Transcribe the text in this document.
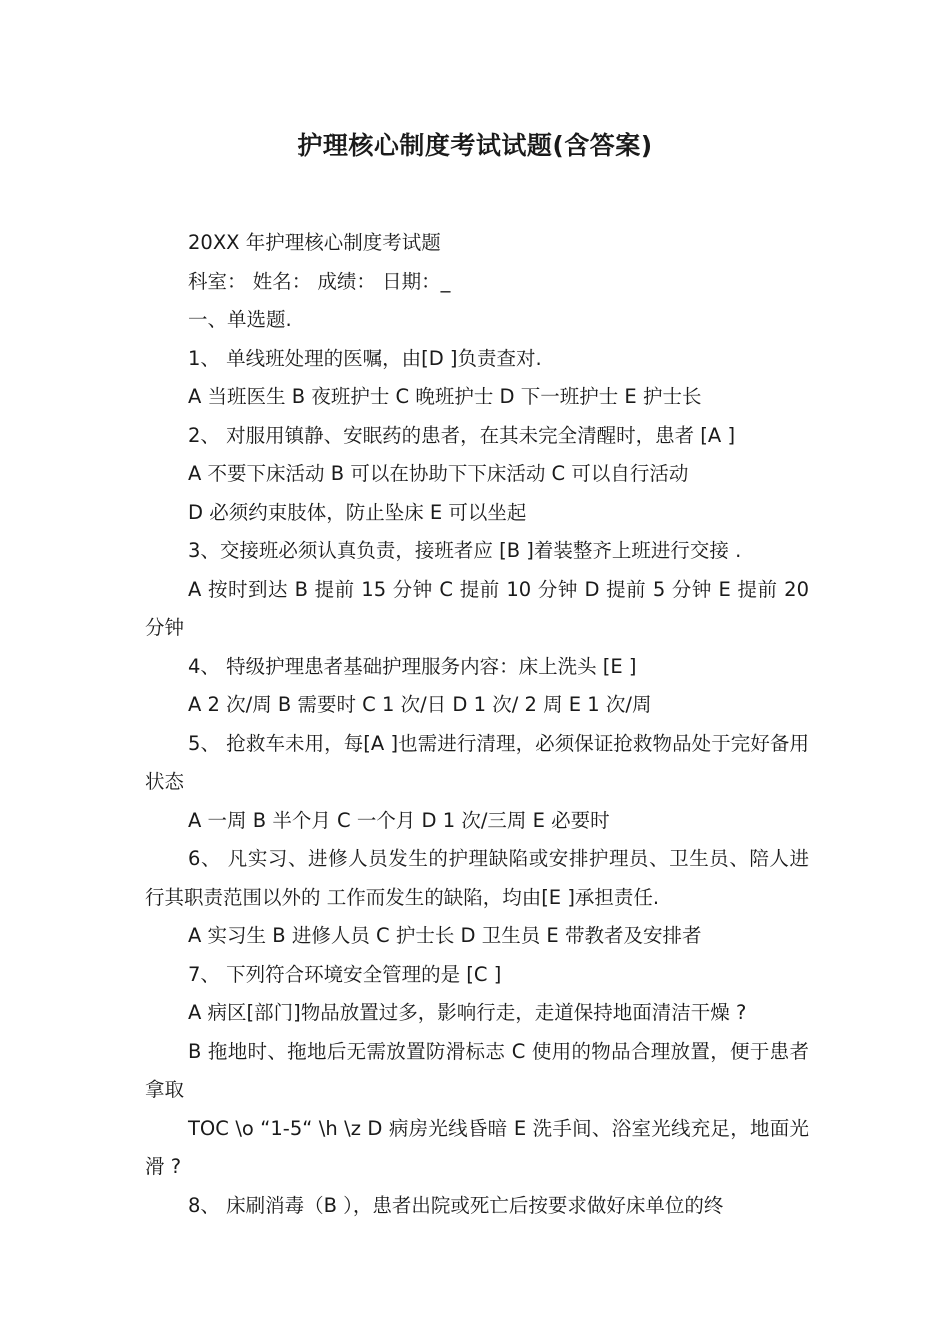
护理核心制度考试试题(含答案)

20XX 年护理核心制度考试题

科室： 姓名： 成绩： 日期：_

一、单选题.

1、 单线班处理的医嘱，由[D ]负责查对.

A 当班医生 B 夜班护士 C 晚班护士 D 下一班护士 E 护士长

2、 对服用镇静、安眠药的患者，在其未完全清醒时，患者 [A ]

A 不要下床活动 B 可以在协助下下床活动 C 可以自行活动

D 必须约束肢体，防止坠床 E 可以坐起

3、交接班必须认真负责，接班者应 [B ]着装整齐上班进行交接 .

A 按时到达 B 提前 15 分钟 C 提前 10 分钟 D 提前 5 分钟 E 提前 20 分钟

4、 特级护理患者基础护理服务内容：床上洗头 [E ]

A 2 次/周 B 需要时 C 1 次/日 D 1 次/ 2 周 E 1 次/周

5、 抢救车未用，每[A ]也需进行清理，必须保证抢救物品处于完好备用状态

A 一周 B 半个月 C 一个月 D 1 次/三周 E 必要时

6、 凡实习、进修人员发生的护理缺陷或安排护理员、卫生员、陪人进行其职责范围以外的 工作而发生的缺陷，均由[E ]承担责任.

A 实习生 B 进修人员 C 护士长 D 卫生员 E 带教者及安排者

7、 下列符合环境安全管理的是 [C ]

A 病区[部门]物品放置过多，影响行走，走道保持地面清洁干燥 ?

B 拖地时、拖地后无需放置防滑标志 C 使用的物品合理放置，便于患者拿取

TOC \o “1-5“ \h \z D 病房光线昏暗 E 洗手间、浴室光线充足，地面光滑 ?

8、 床刷消毒（B ），患者出院或死亡后按要求做好床单位的终
